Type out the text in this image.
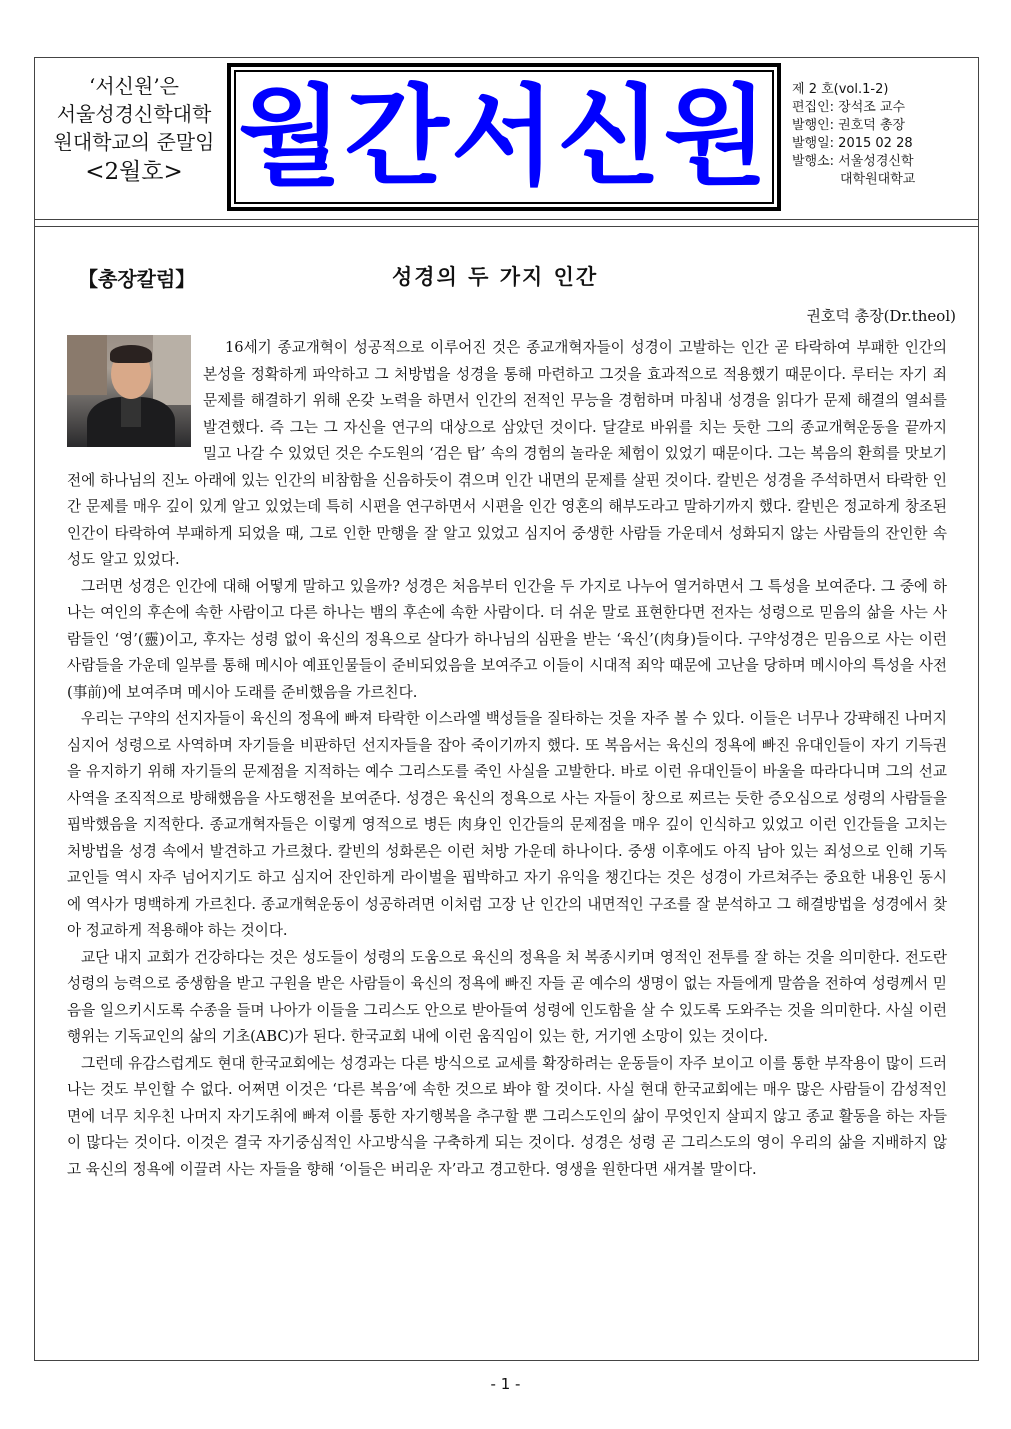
‘서신원’은
서울성경신학대학
원대학교의 준말임
<2월호> 월간서신원	제 2 호(vol.1-2)
편집인: 장석조 교수
발행인: 권호덕 총장
발행일: 2015 02 28
발행소: 서울성경신학
대학원대학교
【총장칼럼】	성경의 두 가지 인간
권호덕 총장(Dr.theol)

16세기 종교개혁이 성공적으로 이루어진 것은 종교개혁자들이 성경이 고발하는 인간 곧 타락하여 부패한 인간의 본성을 정확하게 파악하고 그 처방법을 성경을 통해 마련하고 그것을 효과적으로 적용했기 때문이다. 루터는 자기 죄문제를 해결하기 위해 온갖 노력을 하면서 인간의 전적인 무능을 경험하며 마침내 성경을 읽다가 문제 해결의 열쇠를 발견했다. 즉 그는 그 자신을 연구의 대상으로 삼았던 것이다. 달걀로 바위를 치는 듯한 그의 종교개혁운동을 끝까지 밀고 나갈 수 있었던 것은 수도원의 ‘검은 탑’ 속의 경험의 놀라운 체험이 있었기 때문이다. 그는 복음의 환희를 맛보기 전에 하나님의 진노 아래에 있는 인간의 비참함을 신음하듯이 겪으며 인간 내면의 문제를 살핀 것이다. 칼빈은 성경을 주석하면서 타락한 인간 문제를 매우 깊이 있게 알고 있었는데 특히 시편을 연구하면서 시편을 인간 영혼의 해부도라고 말하기까지 했다. 칼빈은 정교하게 창조된 인간이 타락하여 부패하게 되었을 때, 그로 인한 만행을 잘 알고 있었고 심지어 중생한 사람들 가운데서 성화되지 않는 사람들의 잔인한 속성도 알고 있었다.

그러면 성경은 인간에 대해 어떻게 말하고 있을까? 성경은 처음부터 인간을 두 가지로 나누어 열거하면서 그 특성을 보여준다. 그 중에 하나는 여인의 후손에 속한 사람이고 다른 하나는 뱀의 후손에 속한 사람이다. 더 쉬운 말로 표현한다면 전자는 성령으로 믿음의 삶을 사는 사람들인 ‘영’(靈)이고, 후자는 성령 없이 육신의 정욕으로 살다가 하나님의 심판을 받는 ‘육신’(肉身)들이다. 구약성경은 믿음으로 사는 이런 사람들을 가운데 일부를 통해 메시아 예표인물들이 준비되었음을 보여주고 이들이 시대적 죄악 때문에 고난을 당하며 메시아의 특성을 사전(事前)에 보여주며 메시아 도래를 준비했음을 가르친다.

우리는 구약의 선지자들이 육신의 정욕에 빠져 타락한 이스라엘 백성들을 질타하는 것을 자주 볼 수 있다. 이들은 너무나 강퍅해진 나머지 심지어 성령으로 사역하며 자기들을 비판하던 선지자들을 잡아 죽이기까지 했다. 또 복음서는 육신의 정욕에 빠진 유대인들이 자기 기득권을 유지하기 위해 자기들의 문제점을 지적하는 예수 그리스도를 죽인 사실을 고발한다. 바로 이런 유대인들이 바울을 따라다니며 그의 선교사역을 조직적으로 방해했음을 사도행전을 보여준다. 성경은 육신의 정욕으로 사는 자들이 창으로 찌르는 듯한 증오심으로 성령의 사람들을 핍박했음을 지적한다. 종교개혁자들은 이렇게 영적으로 병든 肉身인 인간들의 문제점을 매우 깊이 인식하고 있었고 이런 인간들을 고치는 처방법을 성경 속에서 발견하고 가르쳤다. 칼빈의 성화론은 이런 처방 가운데 하나이다. 중생 이후에도 아직 남아 있는 죄성으로 인해 기독교인들 역시 자주 넘어지기도 하고 심지어 잔인하게 라이벌을 핍박하고 자기 유익을 챙긴다는 것은 성경이 가르쳐주는 중요한 내용인 동시에 역사가 명백하게 가르친다. 종교개혁운동이 성공하려면 이처럼 고장 난 인간의 내면적인 구조를 잘 분석하고 그 해결방법을 성경에서 찾아 정교하게 적용해야 하는 것이다.

교단 내지 교회가 건강하다는 것은 성도들이 성령의 도움으로 육신의 정욕을 처 복종시키며 영적인 전투를 잘 하는 것을 의미한다. 전도란 성령의 능력으로 중생함을 받고 구원을 받은 사람들이 육신의 정욕에 빠진 자들 곧 예수의 생명이 없는 자들에게 말씀을 전하여 성령께서 믿음을 일으키시도록 수종을 들며 나아가 이들을 그리스도 안으로 받아들여 성령에 인도함을 살 수 있도록 도와주는 것을 의미한다. 사실 이런 행위는 기독교인의 삶의 기초(ABC)가 된다. 한국교회 내에 이런 움직임이 있는 한, 거기엔 소망이 있는 것이다.

그런데 유감스럽게도 현대 한국교회에는 성경과는 다른 방식으로 교세를 확장하려는 운동들이 자주 보이고 이를 통한 부작용이 많이 드러나는 것도 부인할 수 없다. 어쩌면 이것은 ‘다른 복음’에 속한 것으로 봐야 할 것이다. 사실 현대 한국교회에는 매우 많은 사람들이 감성적인 면에 너무 치우친 나머지 자기도취에 빠져 이를 통한 자기행복을 추구할 뿐 그리스도인의 삶이 무엇인지 살피지 않고 종교 활동을 하는 자들이 많다는 것이다. 이것은 결국 자기중심적인 사고방식을 구축하게 되는 것이다. 성경은 성령 곧 그리스도의 영이 우리의 삶을 지배하지 않고 육신의 정욕에 이끌려 사는 자들을 향해 ‘이들은 버리운 자’라고 경고한다. 영생을 원한다면 새겨볼 말이다.

- 1 -
